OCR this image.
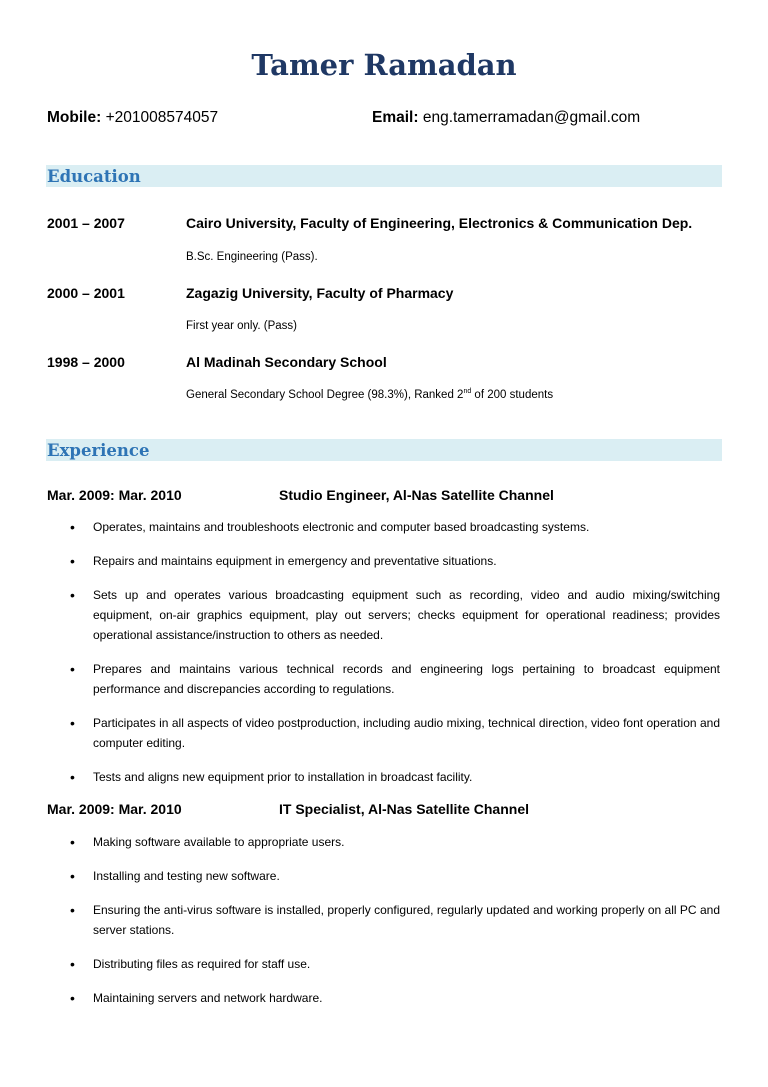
Tamer Ramadan
Mobile: +201008574057	Email: eng.tamerramadan@gmail.com
Education
2001 – 2007	Cairo University, Faculty of Engineering, Electronics & Communication Dep.
B.Sc. Engineering (Pass).
2000 – 2001	Zagazig University, Faculty of Pharmacy
First year only. (Pass)
1998 – 2000	Al Madinah Secondary School
General Secondary School Degree (98.3%), Ranked 2nd of 200 students
Experience
Mar. 2009: Mar. 2010	Studio Engineer, Al-Nas Satellite Channel
• Operates, maintains and troubleshoots electronic and computer based broadcasting systems.
• Repairs and maintains equipment in emergency and preventative situations.
• Sets up and operates various broadcasting equipment such as recording, video and audio mixing/switching equipment, on-air graphics equipment, play out servers; checks equipment for operational readiness; provides operational assistance/instruction to others as needed.
• Prepares and maintains various technical records and engineering logs pertaining to broadcast equipment performance and discrepancies according to regulations.
• Participates in all aspects of video postproduction, including audio mixing, technical direction, video font operation and computer editing.
• Tests and aligns new equipment prior to installation in broadcast facility.
Mar. 2009: Mar. 2010	IT Specialist, Al-Nas Satellite Channel
• Making software available to appropriate users.
• Installing and testing new software.
• Ensuring the anti-virus software is installed, properly configured, regularly updated and working properly on all PC and server stations.
• Distributing files as required for staff use.
• Maintaining servers and network hardware.
